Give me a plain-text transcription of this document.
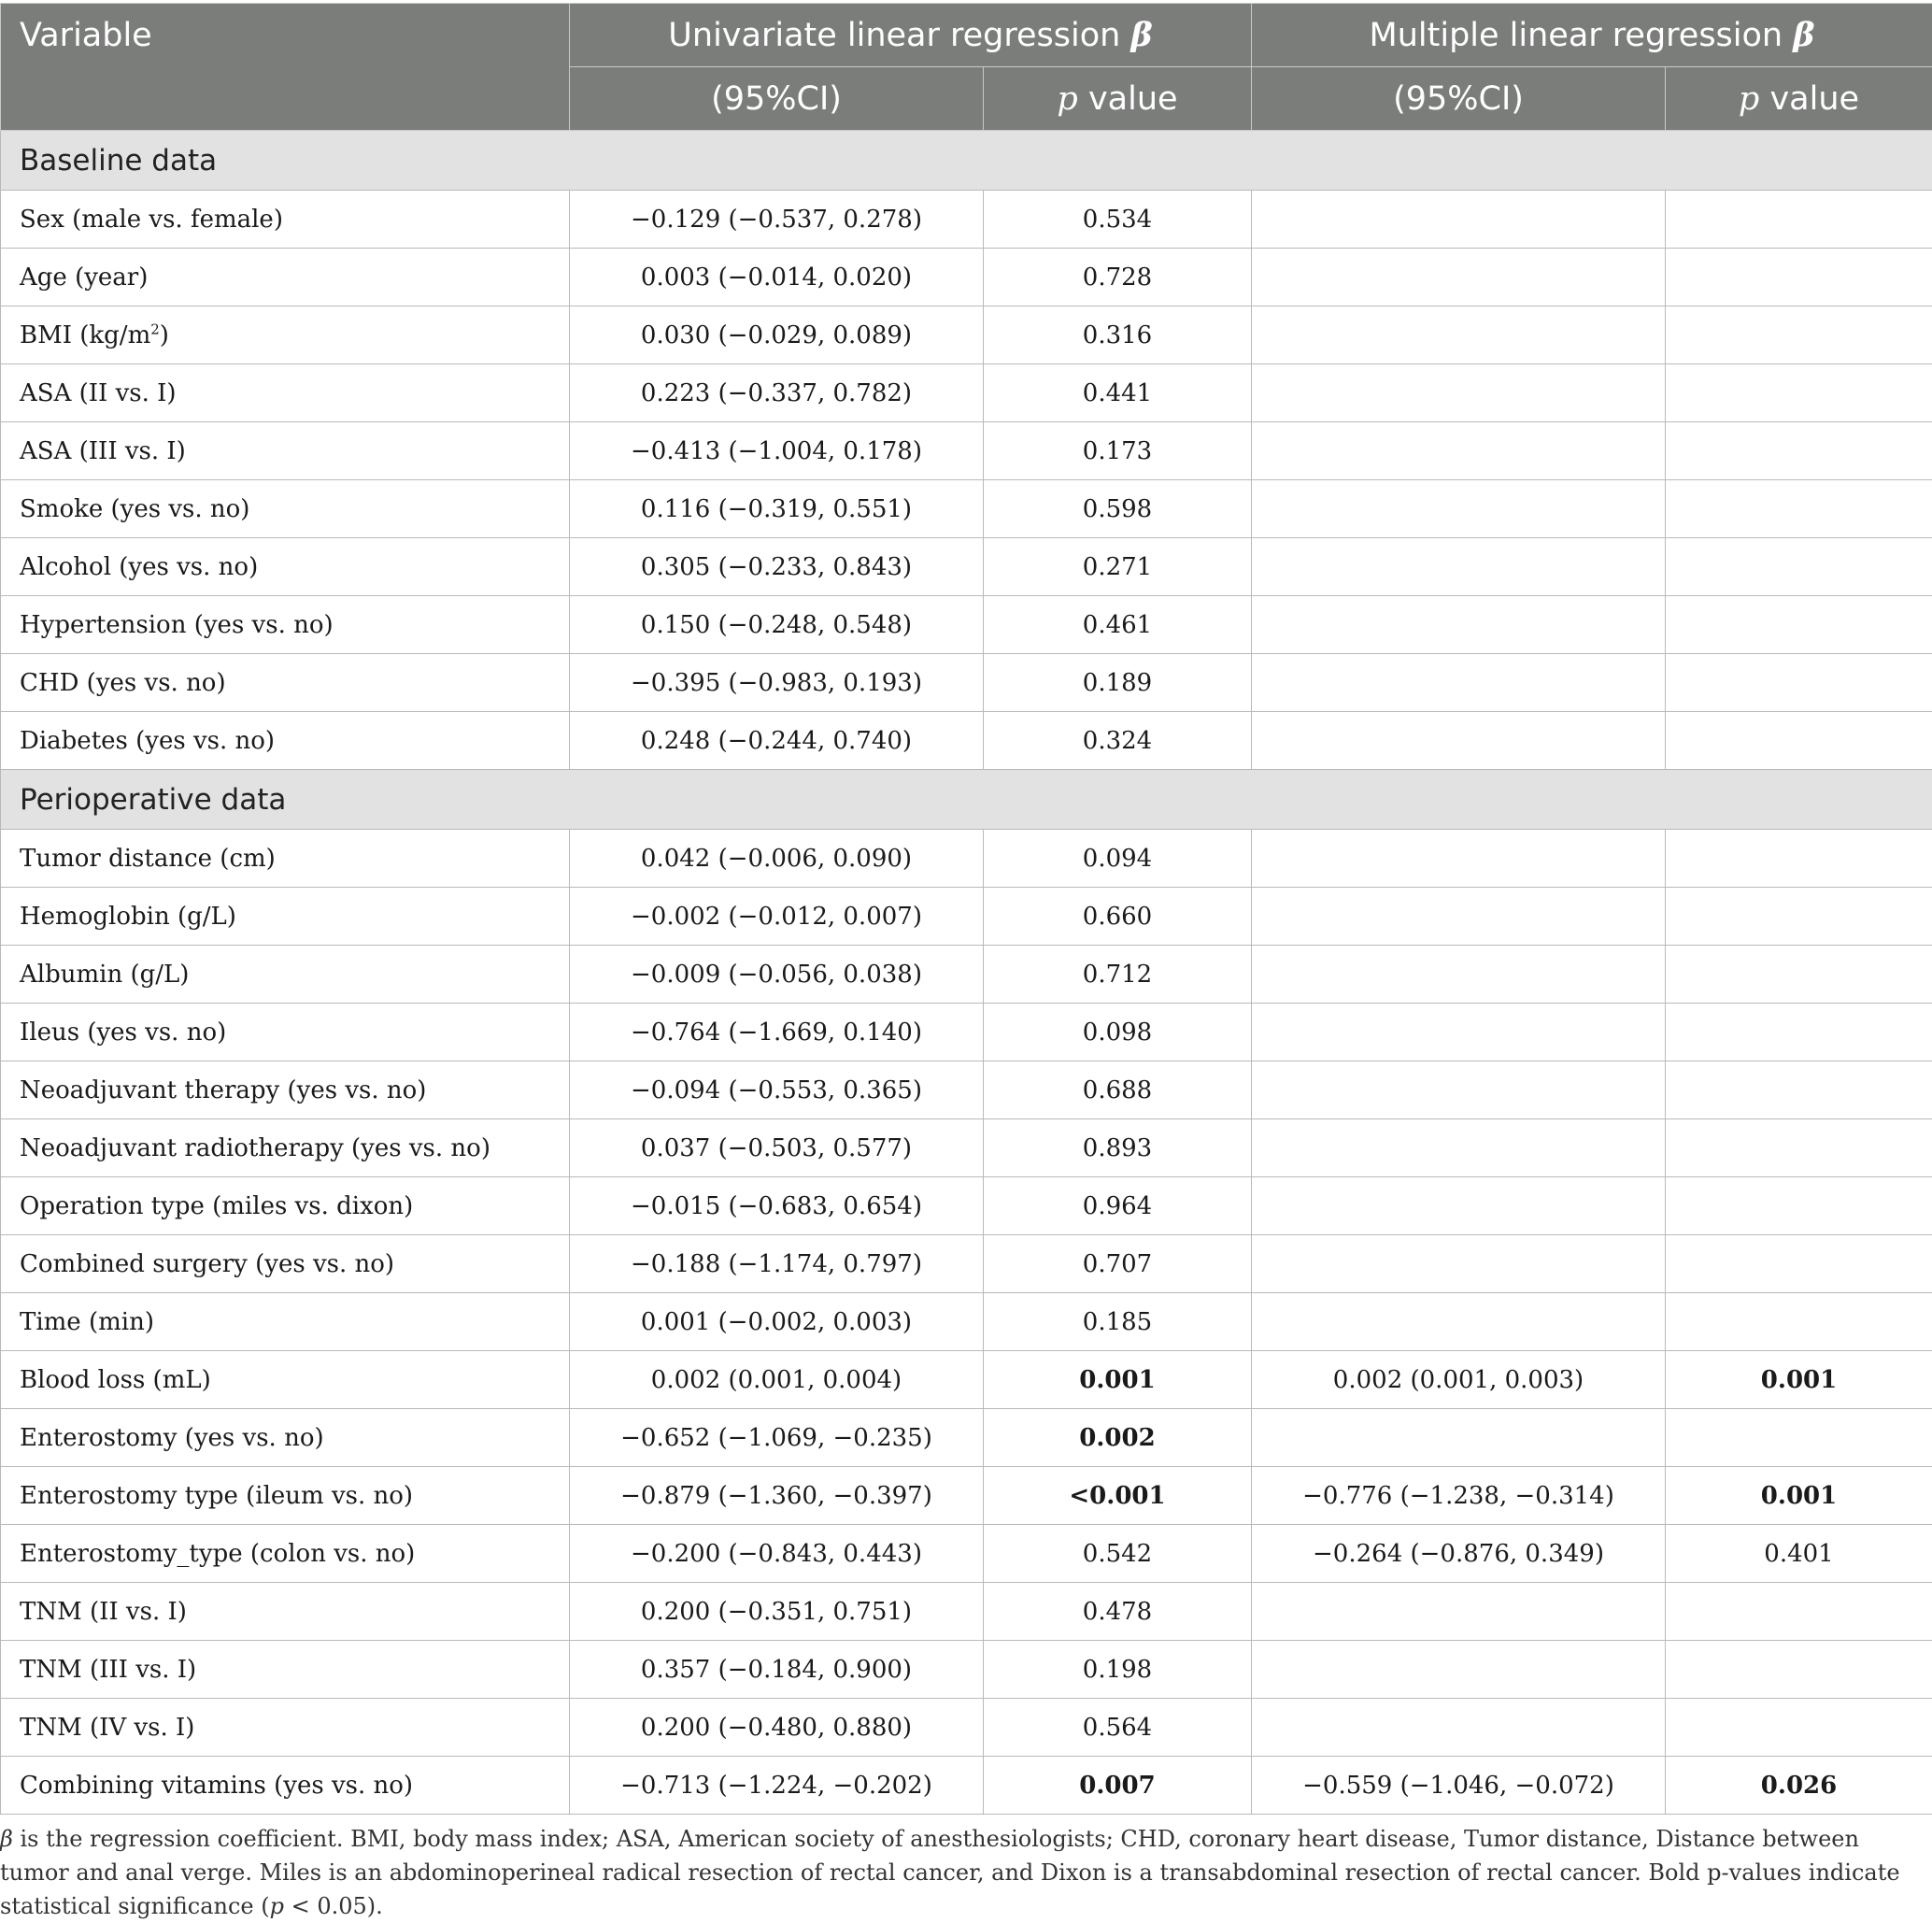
Variable	Univariate linear regression β		Multiple linear regression β	
	(95%CI)	p value	(95%CI)	p value
Baseline data				
Sex (male vs. female)	−0.129 (−0.537, 0.278)	0.534		
Age (year)	0.003 (−0.014, 0.020)	0.728		
BMI $(kg/m^2)$	0.030 (−0.029, 0.089)	0.316		
ASA (II vs. I)	0.223 (−0.337, 0.782)	0.441		
ASA (III vs. I)	−0.413 (−1.004, 0.178)	0.173		
Smoke (yes vs. no)	0.116 (−0.319, 0.551)	0.598		
Alcohol (yes vs. no)	0.305 (−0.233, 0.843)	0.271		
Hypertension (yes vs. no)	0.150 (−0.248, 0.548)	0.461		
CHD (yes vs. no)	−0.395 (−0.983, 0.193)	0.189		
Diabetes (yes vs. no)	0.248 (−0.244, 0.740)	0.324		
Perioperative data				
Tumor distance (cm)	0.042 (−0.006, 0.090)	0.094		
Hemoglobin (g/L)	−0.002 (−0.012, 0.007)	0.660		
Albumin (g/L)	−0.009 (−0.056, 0.038)	0.712		
Ileus (yes vs. no)	−0.764 (−1.669, 0.140)	0.098		
Neoadjuvant therapy (yes vs. no)	−0.094 (−0.553, 0.365)	0.688		
Neoadjuvant radiotherapy (yes vs. no)	0.037 (−0.503, 0.577)	0.893		
Operation type (miles vs. dixon)	−0.015 (−0.683, 0.654)	0.964		
Combined surgery (yes vs. no)	−0.188 (−1.174, 0.797)	0.707		
Time (min)	0.001 (−0.002, 0.003)	0.185		
Blood loss (mL)	0.002 (0.001, 0.004)	0.001	0.002 (0.001, 0.003)	0.001
Enterostomy (yes vs. no)	−0.652 (−1.069, −0.235)	0.002		
Enterostomy type (ileum vs. no)	−0.879 (−1.360, −0.397)	<0.001	−0.776 (−1.238, −0.314)	0.001
Enterostomy_type (colon vs. no)	−0.200 (−0.843, 0.443)	0.542	−0.264 (−0.876, 0.349)	0.401
TNM (II vs. I)	0.200 (−0.351, 0.751)	0.478		
TNM (III vs. I)	0.357 (−0.184, 0.900)	0.198		
TNM (IV vs. I)	0.200 (−0.480, 0.880)	0.564		
Combining vitamins (yes vs. no)	−0.713 (−1.224, −0.202)	0.007	−0.559 (−1.046, −0.072)	0.026
β is the regression coefficient. BMI, body mass index; ASA, American society of anesthesiologists; CHD, coronary heart disease, Tumor distance, Distance between tumor and anal verge. Miles is an abdominoperineal radical resection of rectal cancer, and Dixon is a transabdominal resection of rectal cancer. Bold p-values indicate statistical significance (p < 0.05).
